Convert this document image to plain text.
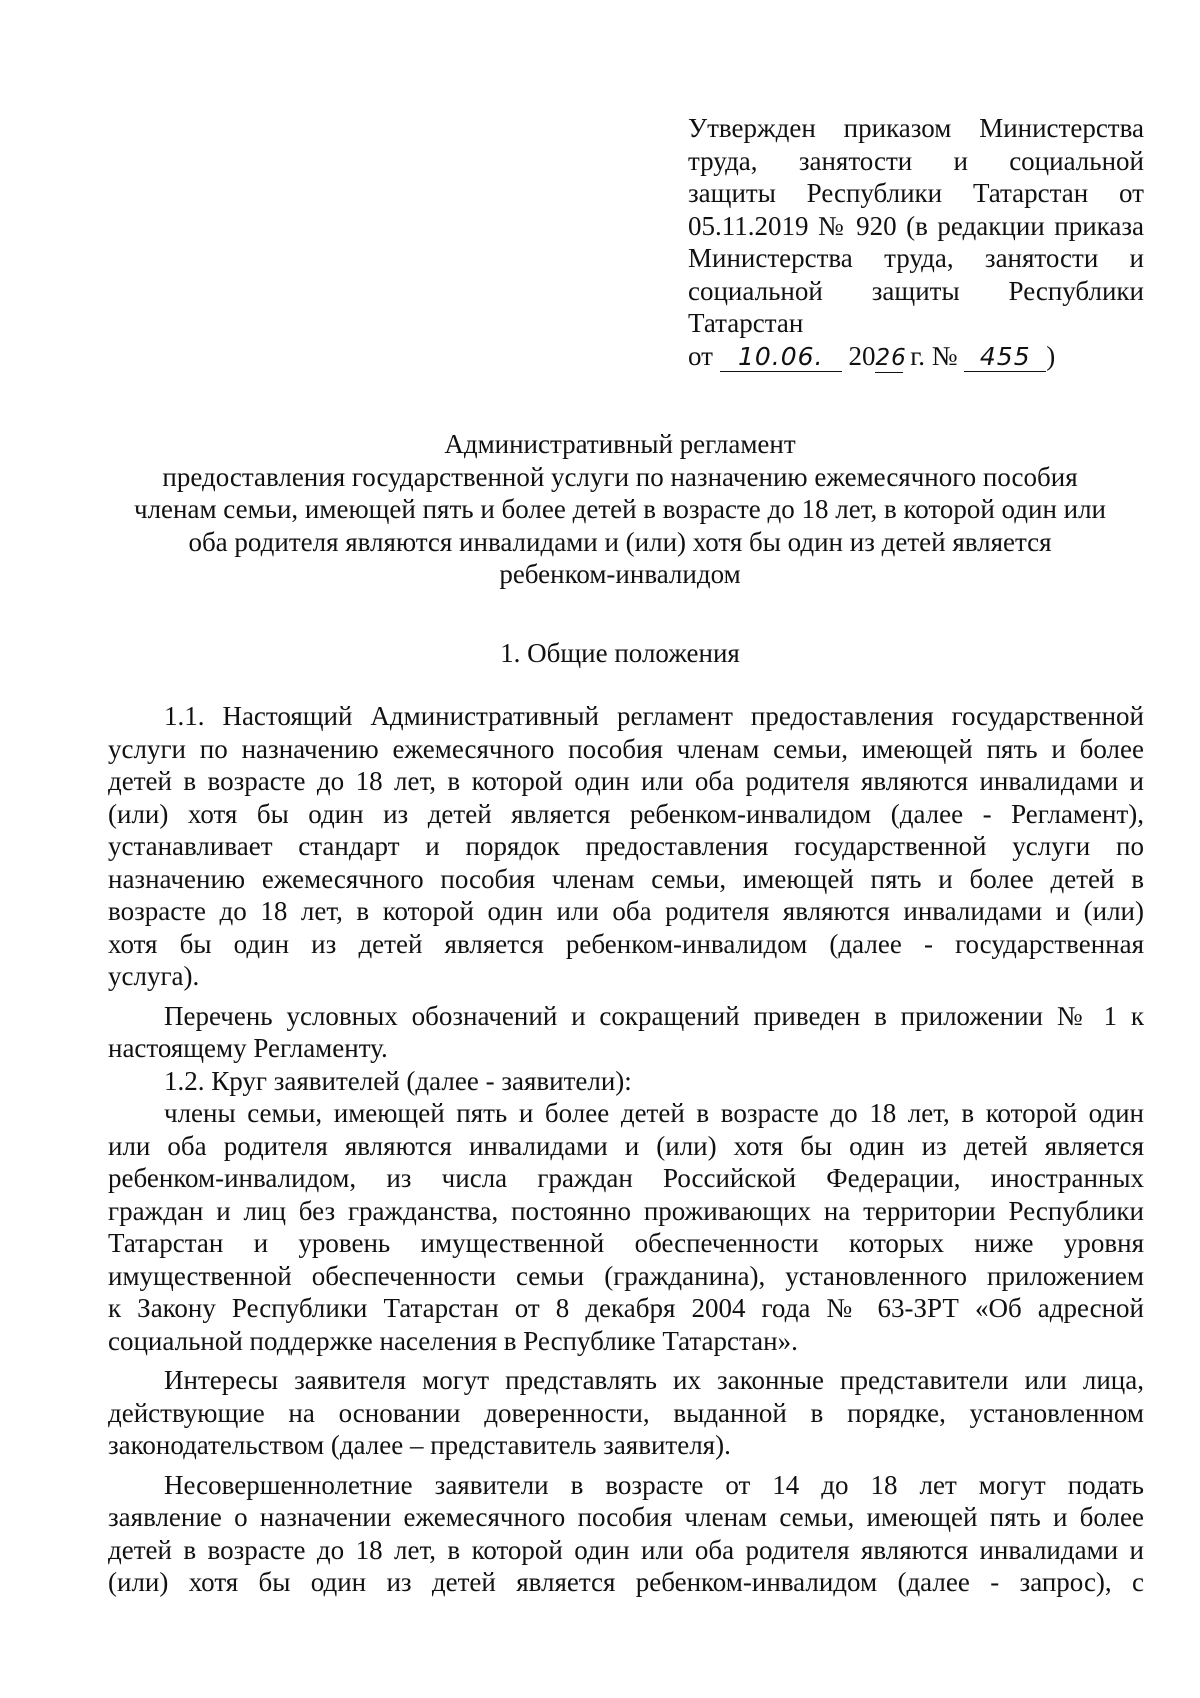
Утвержден приказом Министерства
труда, занятости и социальной
защиты Республики Татарстан от
05.11.2019 № 920 (в редакции приказа
Министерства труда, занятости и
социальной защиты Республики
Татарстан
от 10.06. 2026 г. № 455 )
Административный регламент
предоставления государственной услуги по назначению ежемесячного пособия
членам семьи, имеющей пять и более детей в возрасте до 18 лет, в которой один или
оба родителя являются инвалидами и (или) хотя бы один из детей является
ребенком-инвалидом
1. Общие положения
1.1. Настоящий Административный регламент предоставления государственной
услуги по назначению ежемесячного пособия членам семьи, имеющей пять и более
детей в возрасте до 18 лет, в которой один или оба родителя являются инвалидами и
(или) хотя бы один из детей является ребенком-инвалидом (далее - Регламент),
устанавливает стандарт и порядок предоставления государственной услуги по
назначению ежемесячного пособия членам семьи, имеющей пять и более детей в
возрасте до 18 лет, в которой один или оба родителя являются инвалидами и (или)
хотя бы один из детей является ребенком-инвалидом (далее - государственная
услуга).
Перечень условных обозначений и сокращений приведен в приложении № 1 к
настоящему Регламенту.
1.2. Круг заявителей (далее - заявители):
члены семьи, имеющей пять и более детей в возрасте до 18 лет, в которой один
или оба родителя являются инвалидами и (или) хотя бы один из детей является
ребенком-инвалидом, из числа граждан Российской Федерации, иностранных
граждан и лиц без гражданства, постоянно проживающих на территории Республики
Татарстан и уровень имущественной обеспеченности которых ниже уровня
имущественной обеспеченности семьи (гражданина), установленного приложением
к Закону Республики Татарстан от 8 декабря 2004 года № 63-ЗРТ «Об адресной
социальной поддержке населения в Республике Татарстан».
Интересы заявителя могут представлять их законные представители или лица,
действующие на основании доверенности, выданной в порядке, установленном
законодательством (далее – представитель заявителя).
Несовершеннолетние заявители в возрасте от 14 до 18 лет могут подать
заявление о назначении ежемесячного пособия членам семьи, имеющей пять и более
детей в возрасте до 18 лет, в которой один или оба родителя являются инвалидами и
(или) хотя бы один из детей является ребенком-инвалидом (далее - запрос), с
